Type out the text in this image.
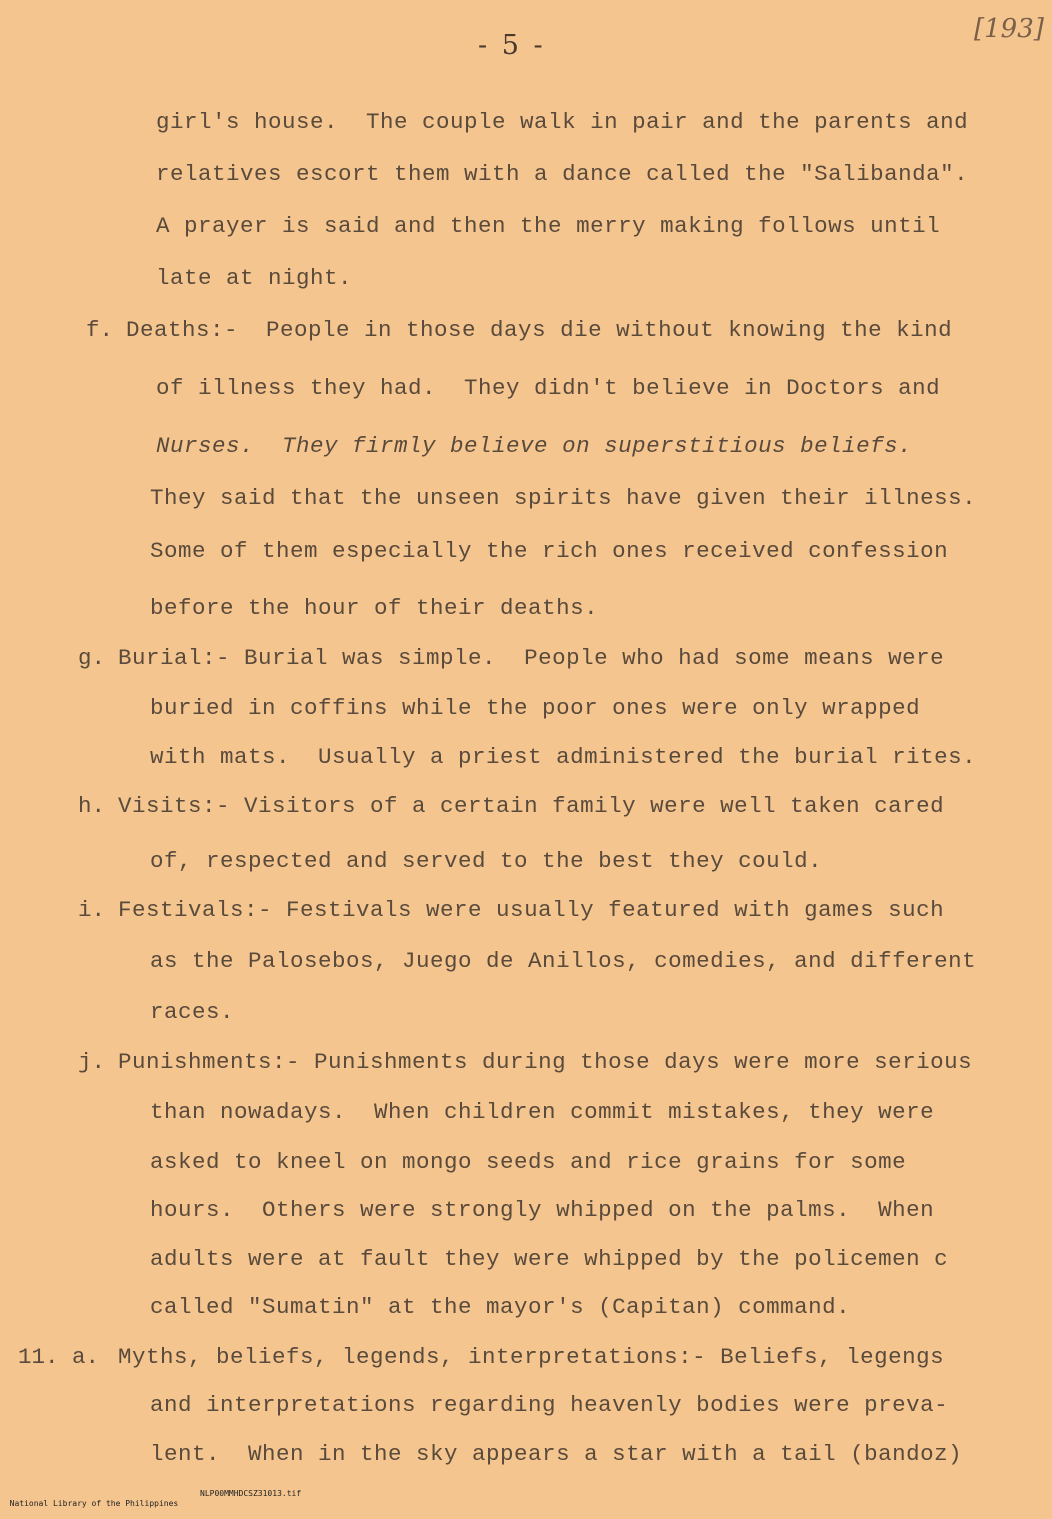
- 5 -
[193]
girl's house.  The couple walk in pair and the parents and
relatives escort them with a dance called the "Salibanda".
A prayer is said and then the merry making follows until
late at night.
f. Deaths:-  People in those days die without knowing the kind
of illness they had.  They didn't believe in Doctors and
Nurses.  They firmly believe on superstitious beliefs.
They said that the unseen spirits have given their illness.
Some of them especially the rich ones received confession
before the hour of their deaths.
g. Burial:- Burial was simple.  People who had some means were
buried in coffins while the poor ones were only wrapped
with mats.  Usually a priest administered the burial rites.
h. Visits:- Visitors of a certain family were well taken cared
of, respected and served to the best they could.
i. Festivals:- Festivals were usually featured with games such
as the Palosebos, Juego de Anillos, comedies, and different
races.
j. Punishments:- Punishments during those days were more serious
than nowadays.  When children commit mistakes, they were
asked to kneel on mongo seeds and rice grains for some
hours.  Others were strongly whipped on the palms.  When
adults were at fault they were whipped by the policemen c
called "Sumatin" at the mayor's (Capitan) command.
11. a. Myths, beliefs, legends, interpretations:- Beliefs, legengs
and interpretations regarding heavenly bodies were preva-
lent.  When in the sky appears a star with a tail (bandoz)

National Library of the Philippines

NLP00MMHDCSZ31013.tif
